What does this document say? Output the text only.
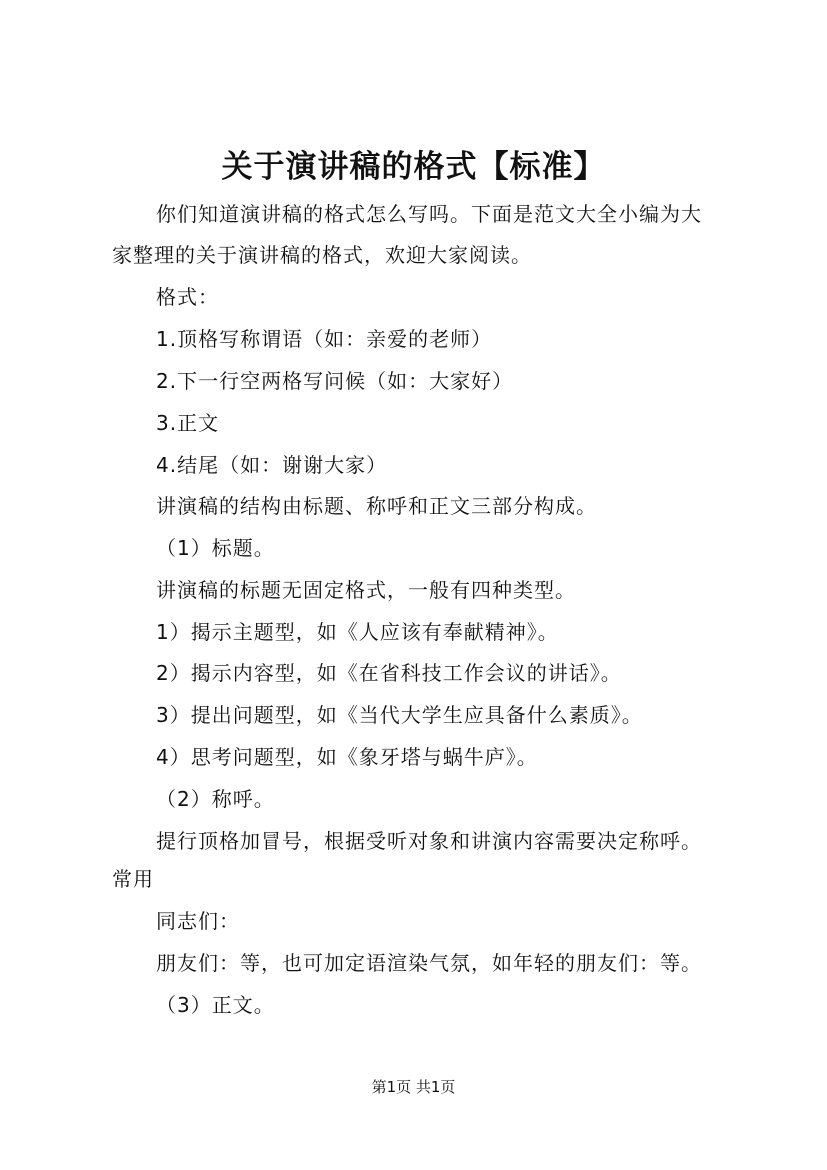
关于演讲稿的格式【标准】
你们知道演讲稿的格式怎么写吗。下面是范文大全小编为大
家整理的关于演讲稿的格式，欢迎大家阅读。
格式：
1.顶格写称谓语（如：亲爱的老师）
2.下一行空两格写问候（如：大家好）
3.正文
4.结尾（如：谢谢大家）
讲演稿的结构由标题、称呼和正文三部分构成。
（1）标题。
讲演稿的标题无固定格式，一般有四种类型。
1）揭示主题型，如《人应该有奉献精神》。
2）揭示内容型，如《在省科技工作会议的讲话》。
3）提出问题型，如《当代大学生应具备什么素质》。
4）思考问题型，如《象牙塔与蜗牛庐》。
（2）称呼。
提行顶格加冒号，根据受听对象和讲演内容需要决定称呼。
常用
同志们：
朋友们：等，也可加定语渲染气氛，如年轻的朋友们：等。
（3）正文。
第1页 共1页
